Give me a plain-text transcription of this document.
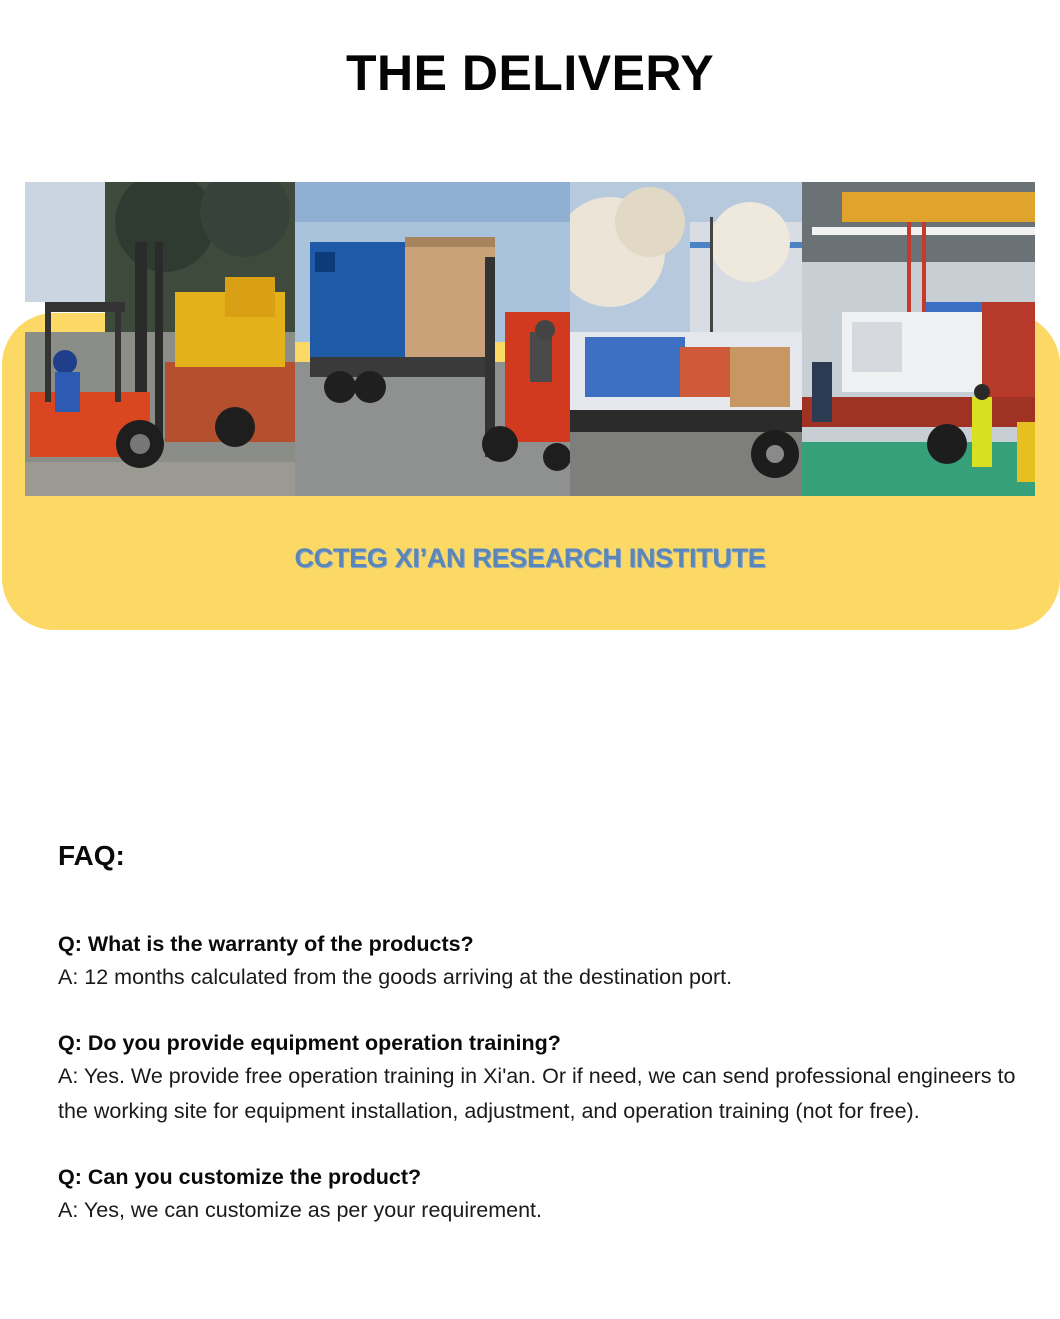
THE DELIVERY
CCTEG XI’AN RESEARCH INSTITUTE
FAQ:
Q: What is the warranty of the products?
A: 12 months calculated from the goods arriving at the destination port.
Q: Do you provide equipment operation training?
A: Yes. We provide free operation training in Xi'an. Or if need, we can send professional engineers to the working site for equipment installation, adjustment, and operation training (not for free).
Q: Can you customize the product?
A: Yes, we can customize as per your requirement.
